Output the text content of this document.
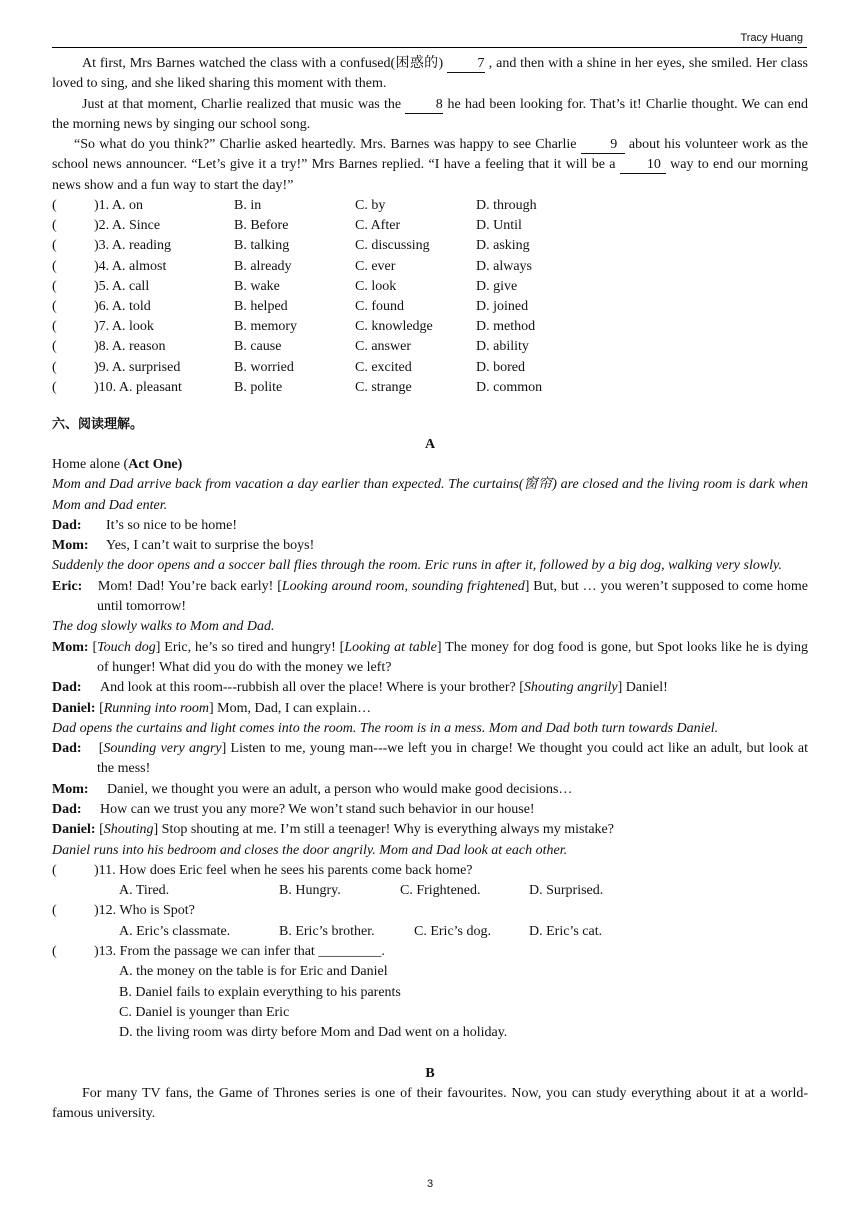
Tracy Huang

At first, Mrs Barnes watched the class with a confused(困惑的) 7 , and then with a shine in her eyes, she smiled. Her class loved to sing, and she liked sharing this moment with them.

Just at that moment, Charlie realized that music was the 8 he had been looking for. That’s it! Charlie thought. We can end the morning news by singing our school song.

“So what do you think?” Charlie asked heartedly. Mrs. Barnes was happy to see Charlie 9 about his volunteer work as the school news announcer. “Let’s give it a try!” Mrs Barnes replied. “I have a feeling that it will be a 10 way to end our morning news show and a fun way to start the day!”

(	)1. A. on	B. in	C. by	D. through
(	)2. A. Since	B. Before	C. After	D. Until
(	)3. A. reading	B. talking	C. discussing	D. asking
(	)4. A. almost	B. already	C. ever	D. always
(	)5. A. call	B. wake	C. look	D. give
(	)6. A. told	B. helped	C. found	D. joined
(	)7. A. look	B. memory	C. knowledge	D. method
(	)8. A. reason	B. cause	C. answer	D. ability
(	)9. A. surprised	B. worried	C. excited	D. bored
(	)10. A. pleasant	B. polite	C. strange	D. common
六、阅读理解。
A

Home alone (Act One)

Mom and Dad arrive back from vacation a day earlier than expected. The curtains(窗帘) are closed and the living room is dark when Mom and Dad enter.

Dad:	It’s so nice to be home!
Mom:	Yes, I can’t wait to surprise the boys!

Suddenly the door opens and a soccer ball flies through the room. Eric runs in after it, followed by a big dog, walking very slowly.

Eric: Mom! Dad! You’re back early! [Looking around room, sounding frightened] But, but … you weren’t supposed to come home until tomorrow!

The dog slowly walks to Mom and Dad.

Mom: [Touch dog] Eric, he’s so tired and hungry! [Looking at table] The money for dog food is gone, but Spot looks like he is dying of hunger! What did you do with the money we left?

Dad:	And look at this room---rubbish all over the place! Where is your brother? [Shouting angrily] Daniel!

Daniel: [Running into room] Mom, Dad, I can explain…

Dad opens the curtains and light comes into the room. The room is in a mess. Mom and Dad both turn towards Daniel.

Dad: [Sounding very angry] Listen to me, young man---we left you in charge! We thought you could act like an adult, but look at the mess!

Mom:	Daniel, we thought you were an adult, a person who would make good decisions…
Dad:	How can we trust you any more? We won’t stand such behavior in our house!

Daniel: [Shouting] Stop shouting at me. I’m still a teenager! Why is everything always my mistake?

Daniel runs into his bedroom and closes the door angrily. Mom and Dad look at each other.

(	)11. How does Eric feel when he sees his parents come back home?
A. Tired.	B. Hungry.	C. Frightened.	D. Surprised.
(	)12. Who is Spot?
A. Eric’s classmate.	B. Eric’s brother.	C. Eric’s dog.	D. Eric’s cat.
(	)13. From the passage we can infer that _________.
A. the money on the table is for Eric and Daniel
B. Daniel fails to explain everything to his parents
C. Daniel is younger than Eric
D. the living room was dirty before Mom and Dad went on a holiday.
B

For many TV fans, the Game of Thrones series is one of their favourites. Now, you can study everything about it at a world-famous university.

3
